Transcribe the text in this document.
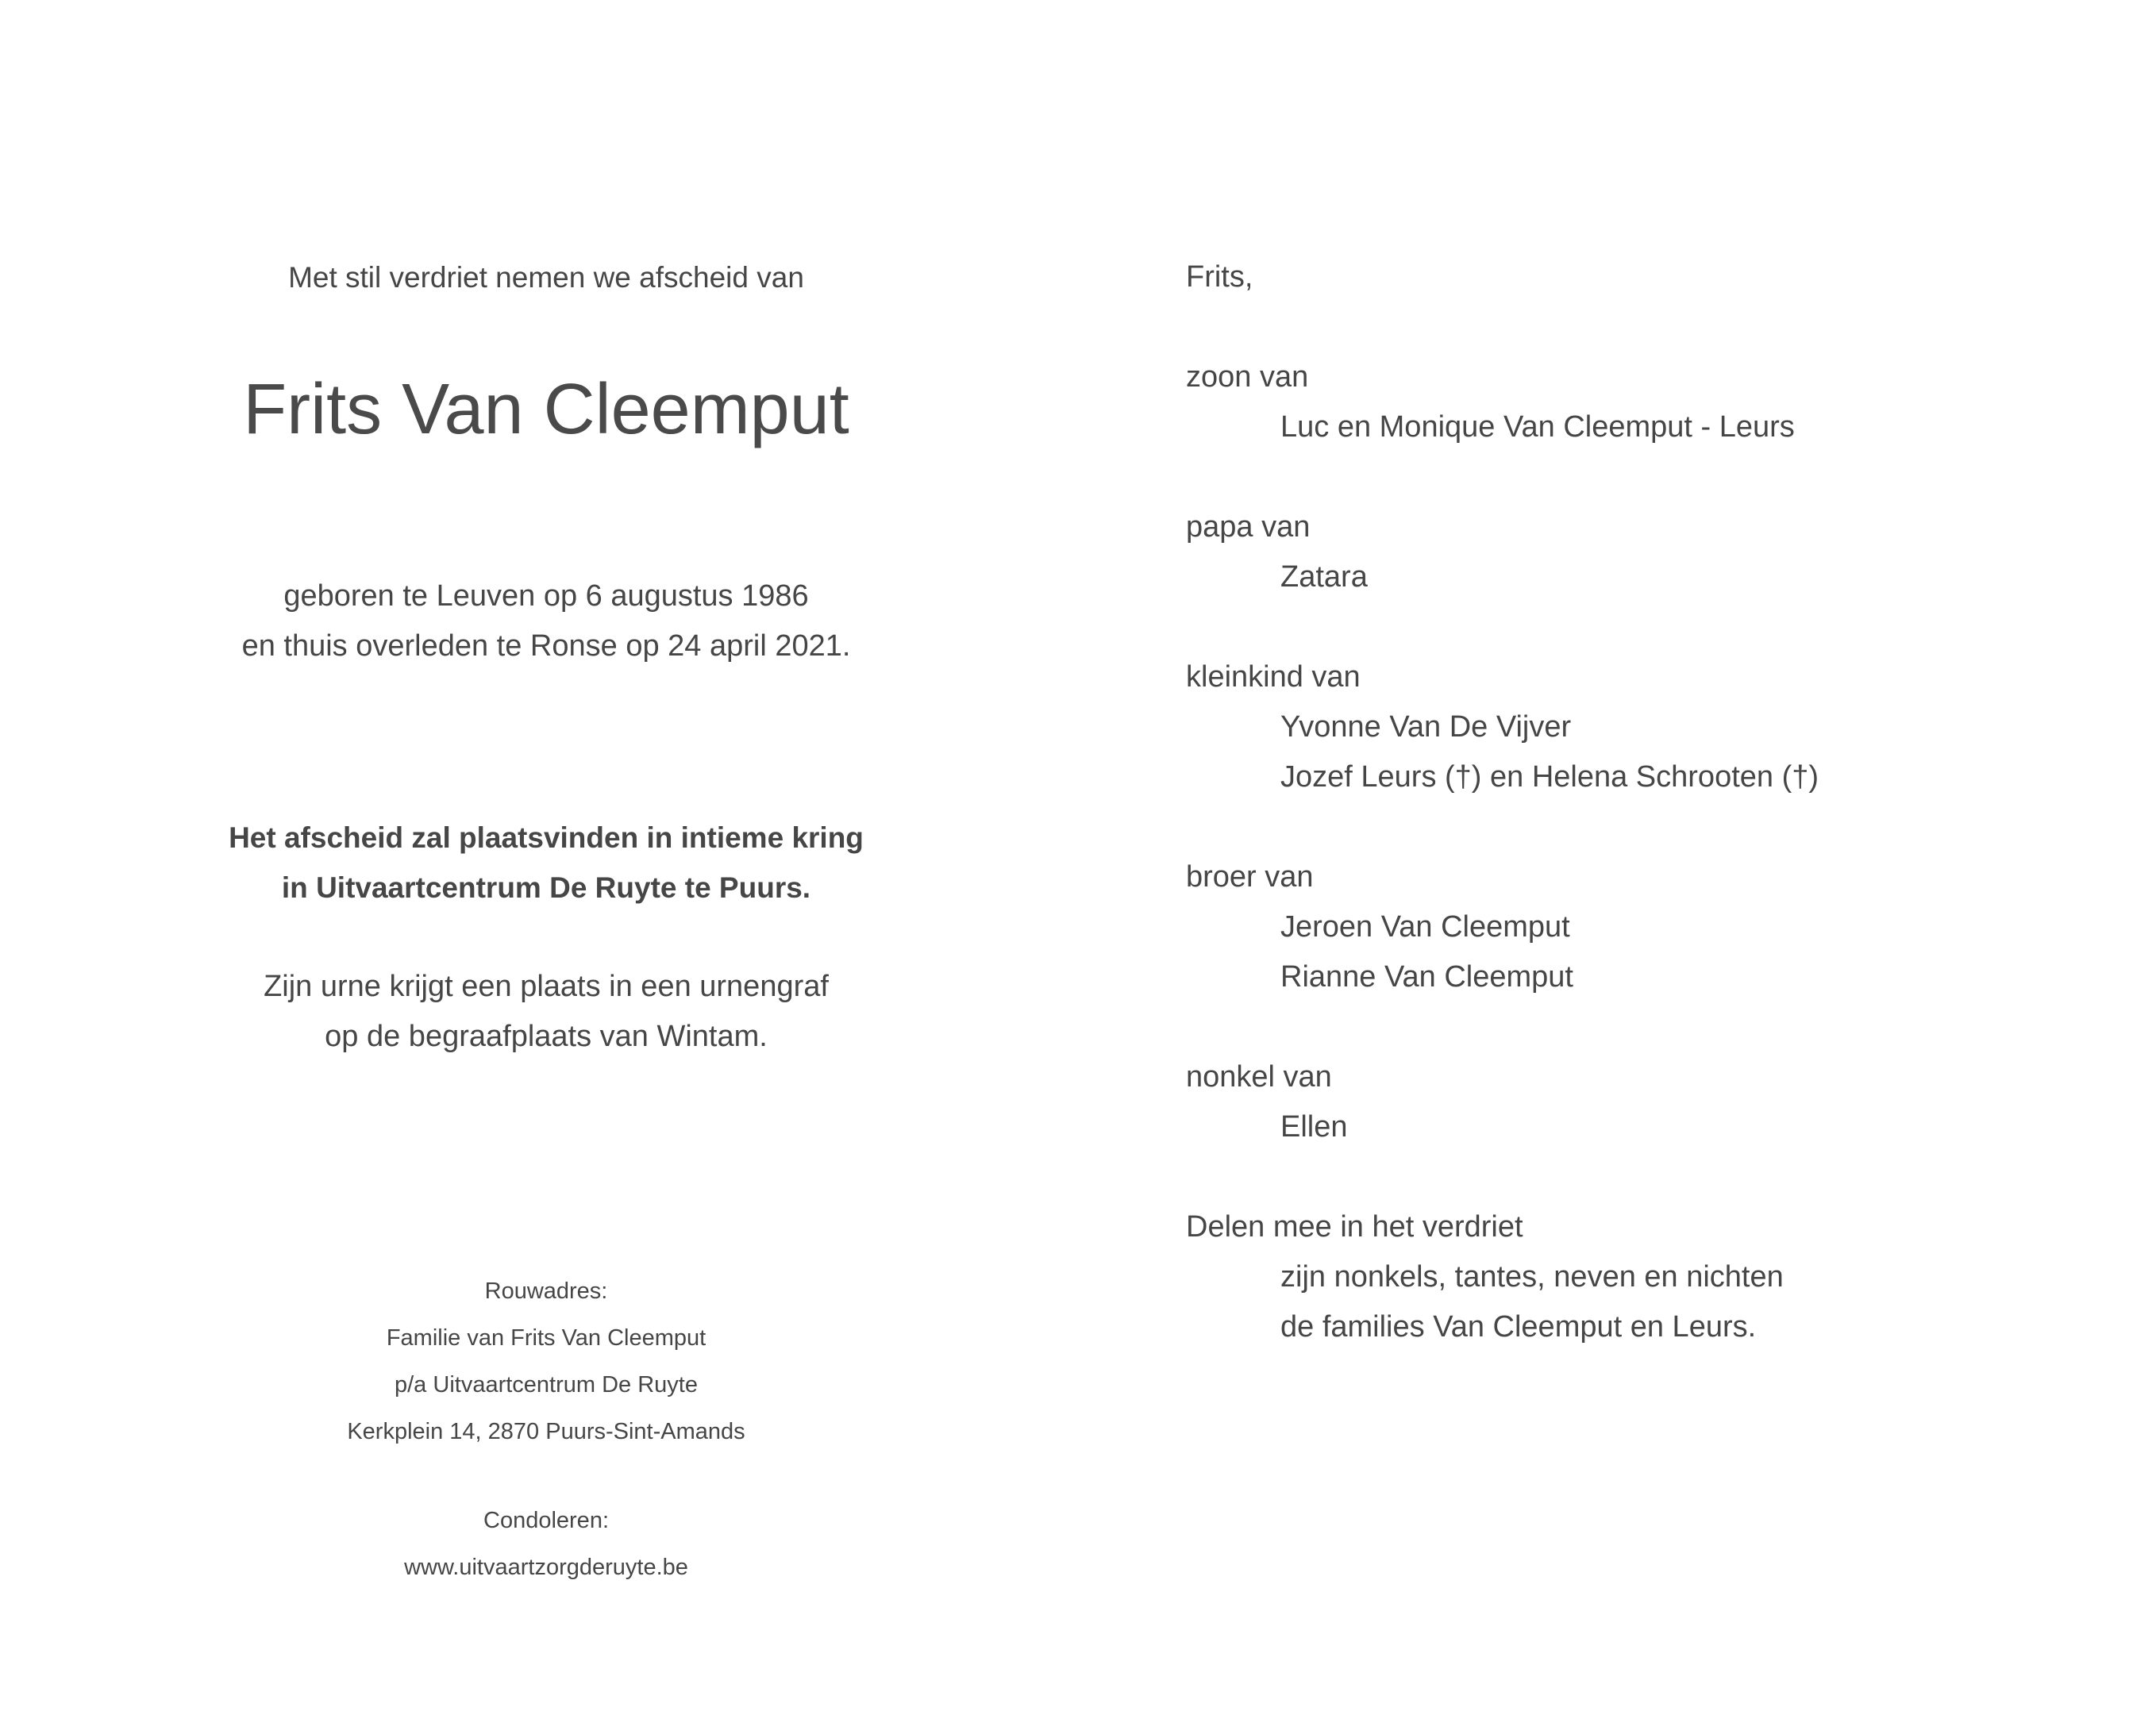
Met stil verdriet nemen we afscheid van
Frits Van Cleemput
geboren te Leuven op 6 augustus 1986
en thuis overleden te Ronse op 24 april 2021.
Het afscheid zal plaatsvinden in intieme kring
in Uitvaartcentrum De Ruyte te Puurs.
Zijn urne krijgt een plaats in een urnengraf
op de begraafplaats van Wintam.
Rouwadres:
Familie van Frits Van Cleemput
p/a Uitvaartcentrum De Ruyte
Kerkplein 14, 2870 Puurs-Sint-Amands
Condoleren:
www.uitvaartzorgderuyte.be
Frits,
zoon van
Luc en Monique Van Cleemput - Leurs
papa van
Zatara
kleinkind van
Yvonne Van De Vijver
Jozef Leurs (†) en Helena Schrooten (†)
broer van
Jeroen Van Cleemput
Rianne Van Cleemput
nonkel van
Ellen
Delen mee in het verdriet
zijn nonkels, tantes, neven en nichten
de families Van Cleemput en Leurs.
